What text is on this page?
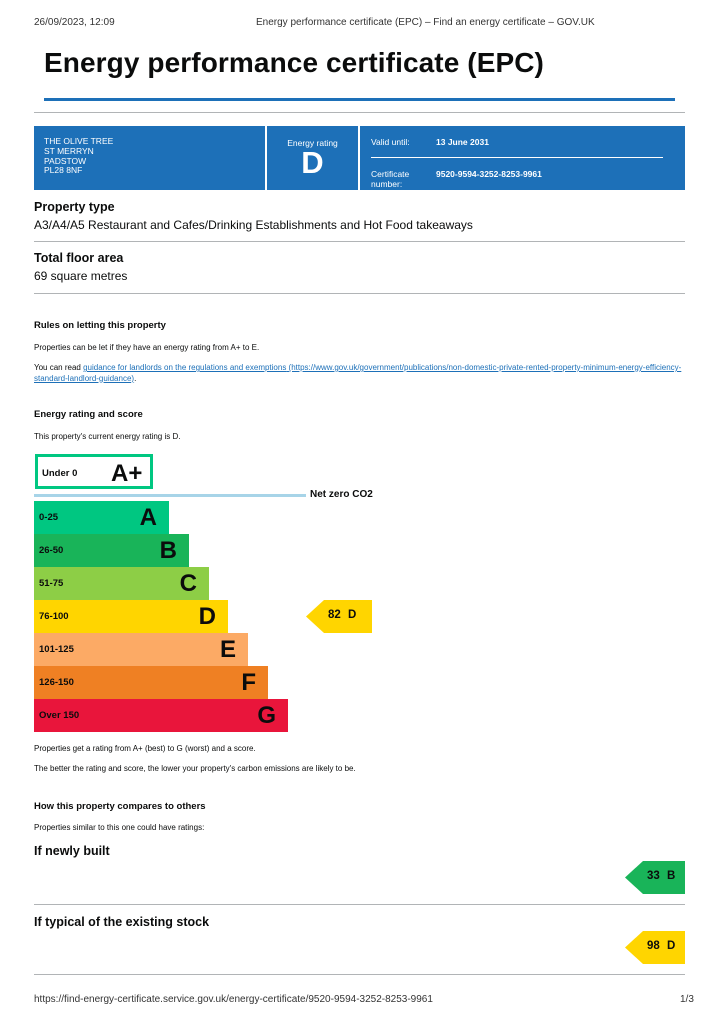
26/09/2023, 12:09	Energy performance certificate (EPC) – Find an energy certificate – GOV.UK
Energy performance certificate (EPC)
THE OLIVE TREE
ST MERRYN
PADSTOW
PL28 8NF
Energy rating
D
Valid until:	13 June 2031
Certificate
number:
9520-9594-3252-8253-9961
Property type
A3/A4/A5 Restaurant and Cafes/Drinking Establishments and Hot Food takeaways
Total floor area
69 square metres
Rules on letting this property
Properties can be let if they have an energy rating from A+ to E.
You can read guidance for landlords on the regulations and exemptions (https://www.gov.uk/government/publications/non-domestic-private-rented-property-minimum-energy-efficiency-
standard-landlord-guidance).
Energy rating and score
This property's current energy rating is D.
Under 0 A+
Net zero CO2
0-25	A
26-50	B
51-75	C
76-100	D
101-125	E
126-150	F
Over 150	G
82 D
Properties get a rating from A+ (best) to G (worst) and a score.
The better the rating and score, the lower your property's carbon emissions are likely to be.
How this property compares to others
Properties similar to this one could have ratings:
If newly built
33 B
If typical of the existing stock
98 D
https://find-energy-certificate.service.gov.uk/energy-certificate/9520-9594-3252-8253-9961	1/3
